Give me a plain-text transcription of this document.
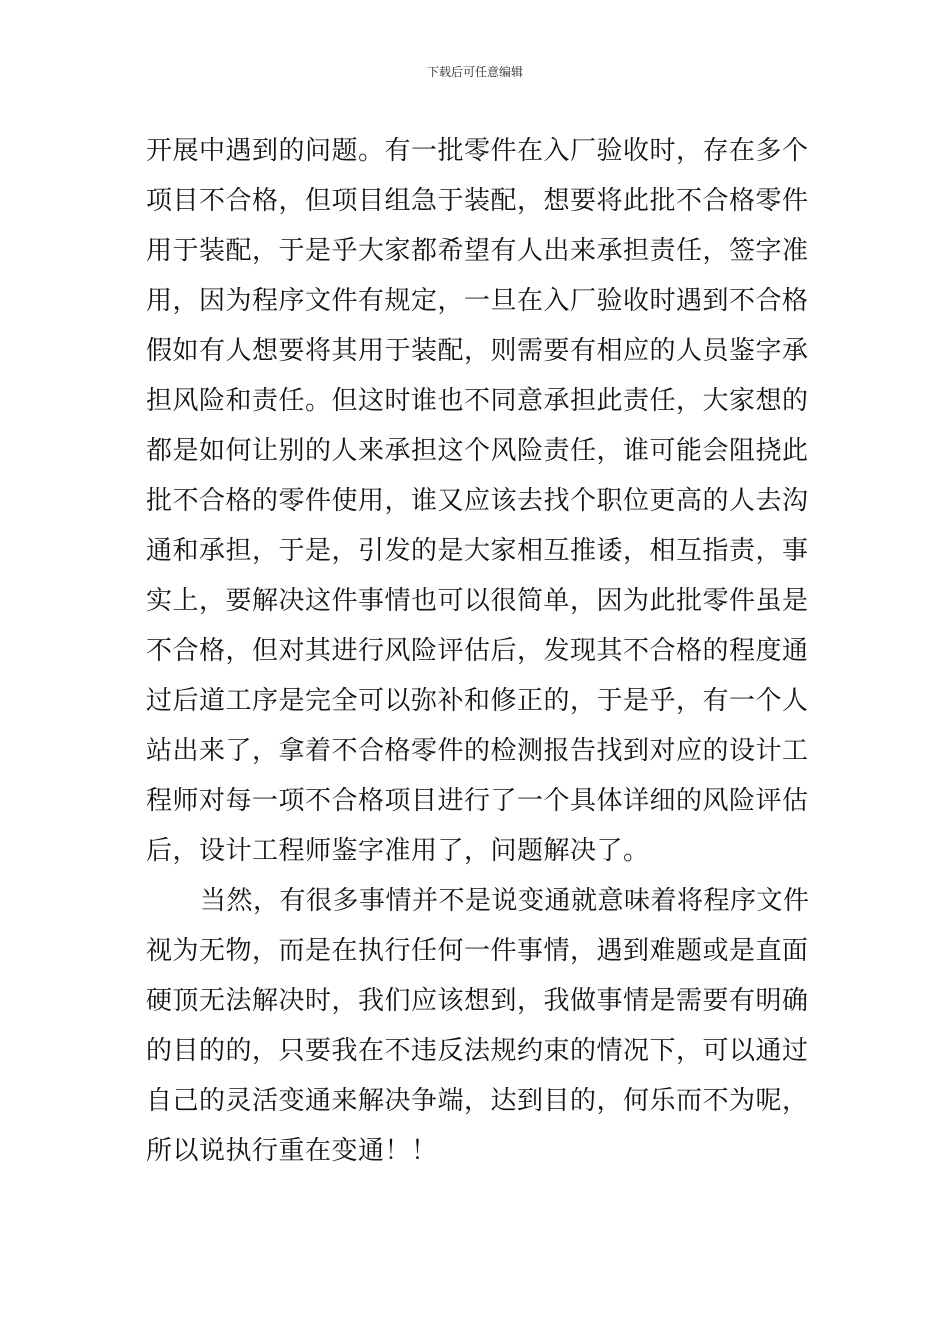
下载后可任意编辑
开展中遇到的问题。有一批零件在入厂验收时，存在多个
项目不合格，但项目组急于装配，想要将此批不合格零件
用于装配，于是乎大家都希望有人出来承担责任，签字准
用，因为程序文件有规定，一旦在入厂验收时遇到不合格
假如有人想要将其用于装配，则需要有相应的人员鉴字承
担风险和责任。但这时谁也不同意承担此责任，大家想的
都是如何让别的人来承担这个风险责任，谁可能会阻挠此
批不合格的零件使用，谁又应该去找个职位更高的人去沟
通和承担，于是，引发的是大家相互推诿，相互指责，事
实上，要解决这件事情也可以很简单，因为此批零件虽是
不合格，但对其进行风险评估后，发现其不合格的程度通
过后道工序是完全可以弥补和修正的，于是乎，有一个人
站出来了，拿着不合格零件的检测报告找到对应的设计工
程师对每一项不合格项目进行了一个具体详细的风险评估
后，设计工程师鉴字准用了，问题解决了。
当然，有很多事情并不是说变通就意味着将程序文件
视为无物，而是在执行任何一件事情，遇到难题或是直面
硬顶无法解决时，我们应该想到，我做事情是需要有明确
的目的的，只要我在不违反法规约束的情况下，可以通过
自己的灵活变通来解决争端，达到目的，何乐而不为呢，
所以说执行重在变通！！
